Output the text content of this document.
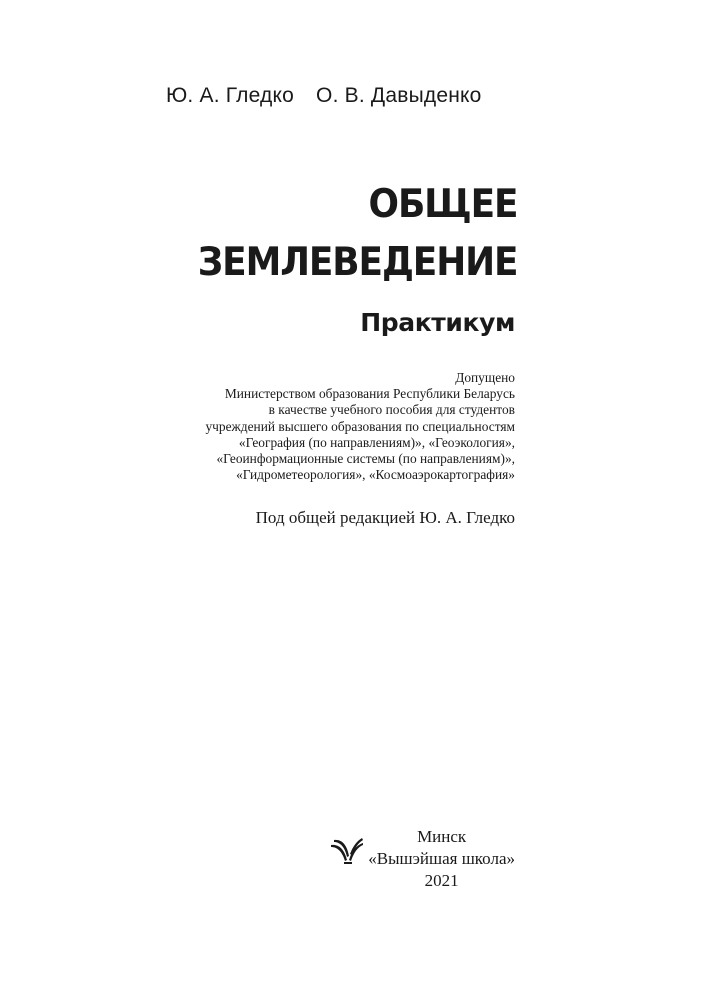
Ю. А. Гледко О. В. Давыденко
ОБЩЕЕ
ЗЕМЛЕВЕДЕНИЕ
Практикум
Допущено
Министерством образования Республики Беларусь
в качестве учебного пособия для студентов
учреждений высшего образования по специальностям
«География (по направлениям)», «Геоэкология»,
«Геоинформационные системы (по направлениям)»,
«Гидрометеорология», «Космоаэрокартография»
Под общей редакцией Ю. А. Гледко
Минск
«Вышэйшая школа»
2021
